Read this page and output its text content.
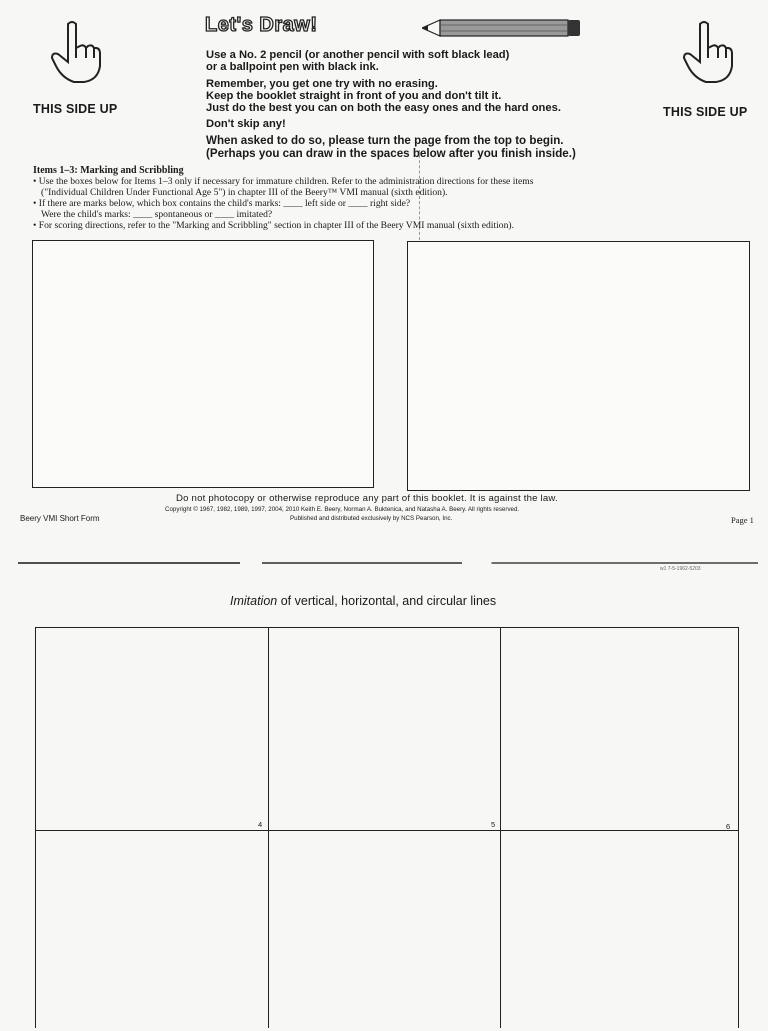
THIS SIDE UP	THIS SIDE UP
Let's Draw!
Use a No. 2 pencil (or another pencil with soft black lead)
or a ballpoint pen with black ink.
Remember, you get one try with no erasing.
Keep the booklet straight in front of you and don't tilt it.
Just do the best you can on both the easy ones and the hard ones.
Don't skip any!
When asked to do so, please turn the page from the top to begin.
(Perhaps you can draw in the spaces below after you finish inside.)
Items 1–3: Marking and Scribbling
• Use the boxes below for Items 1–3 only if necessary for immature children. Refer to the administration directions for these items
("Individual Children Under Functional Age 5") in chapter III of the Beery™ VMI manual (sixth edition).
• If there are marks below, which box contains the child's marks: ____ left side or ____ right side?
Were the child's marks: ____ spontaneous or ____ imitated?
• For scoring directions, refer to the "Marking and Scribbling" section in chapter III of the Beery VMI manual (sixth edition).
Do not photocopy or otherwise reproduce any part of this booklet. It is against the law.
Copyright © 1967, 1982, 1989, 1997, 2004, 2010 Keith E. Beery, Norman A. Buktenica, and Natasha A. Beery. All rights reserved.
Published and distributed exclusively by NCS Pearson, Inc.
Beery VMI Short Form	Page 1
w1 7-5-1962-5203
Imitation of vertical, horizontal, and circular lines
4	5	6
